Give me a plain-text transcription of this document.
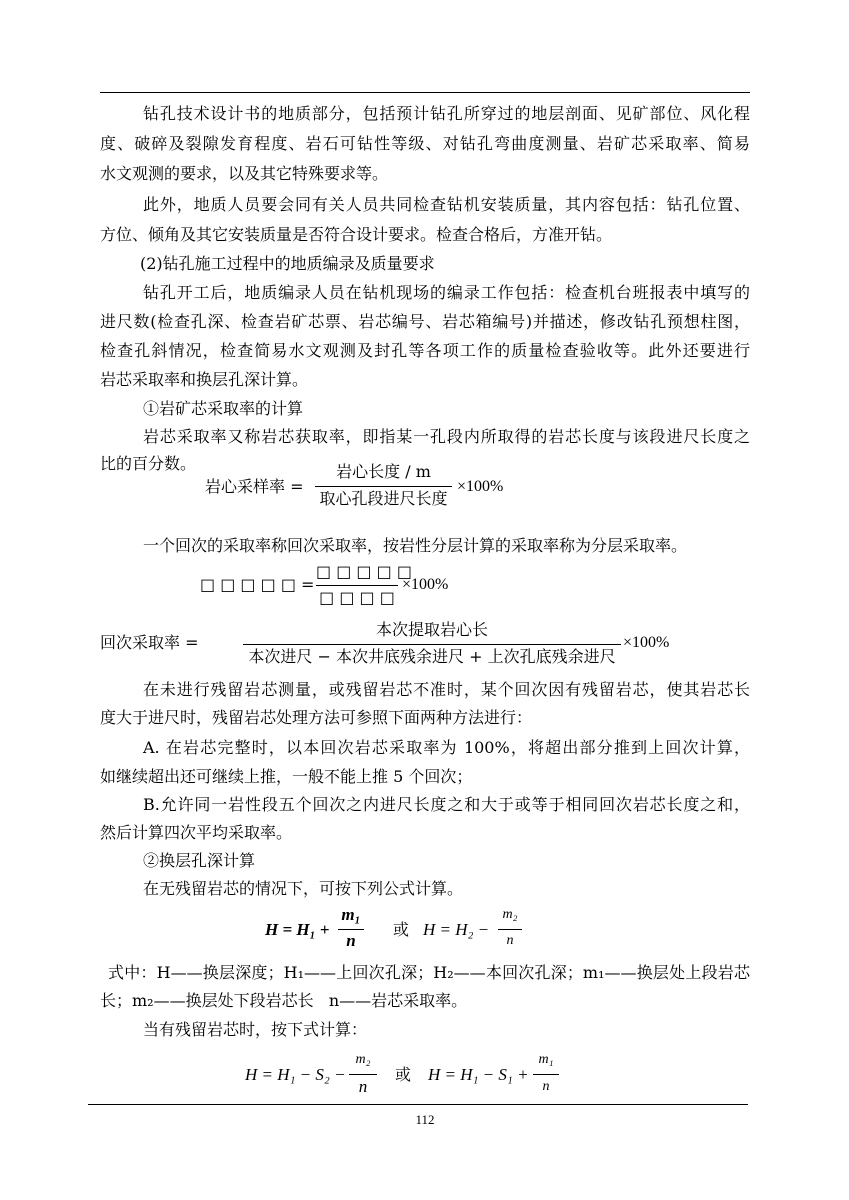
钻孔技术设计书的地质部分，包括预计钻孔所穿过的地层剖面、见矿部位、风化程
度、破碎及裂隙发育程度、岩石可钻性等级、对钻孔弯曲度测量、岩矿芯采取率、简易
水文观测的要求，以及其它特殊要求等。
此外，地质人员要会同有关人员共同检查钻机安装质量，其内容包括：钻孔位置、
方位、倾角及其它安装质量是否符合设计要求。检查合格后，方准开钻。
(2)钻孔施工过程中的地质编录及质量要求
钻孔开工后，地质编录人员在钻机现场的编录工作包括：检查机台班报表中填写的
进尺数(检查孔深、检查岩矿芯票、岩芯编号、岩芯箱编号)并描述，修改钻孔预想柱图，
检查孔斜情况，检查简易水文观测及封孔等各项工作的质量检查验收等。此外还要进行
岩芯采取率和换层孔深计算。
①岩矿芯采取率的计算
岩芯采取率又称岩芯获取率，即指某一孔段内所取得的岩芯长度与该段进尺长度之
比的百分数。
岩心采样率 =
岩心长度 / m
取心孔段进尺长度
×100%
一个回次的采取率称回次采取率，按岩性分层计算的采取率称为分层采取率。
□ □ □ □ □ =
□ □ □ □ □
□ □ □ □
×100%
回次采取率 =
本次提取岩心长
本次进尺 − 本次井底残余进尺 + 上次孔底残余进尺
×100%
在未进行残留岩芯测量，或残留岩芯不准时，某个回次因有残留岩芯，使其岩芯长
度大于进尺时，残留岩芯处理方法可参照下面两种方法进行：
A. 在岩芯完整时，以本回次岩芯采取率为 100%，将超出部分推到上回次计算，
如继续超出还可继续上推，一般不能上推 5 个回次；
B.允许同一岩性段五个回次之内进尺长度之和大于或等于相同回次岩芯长度之和，
然后计算四次平均采取率。
②换层孔深计算
在无残留岩芯的情况下，可按下列公式计算。
H = H₁ +
m₁
n
或 H = H₂ −
m₂
n
式中：H——换层深度；H₁——上回次孔深；H₂——本回次孔深；m₁——换层处上段岩芯
长；m₂——换层处下段岩芯长   n——岩芯采取率。
当有残留岩芯时，按下式计算：
H = H₁ − S₂ −
m₂
n
或 H = H₁ − S₁ +
m₁
n
112
